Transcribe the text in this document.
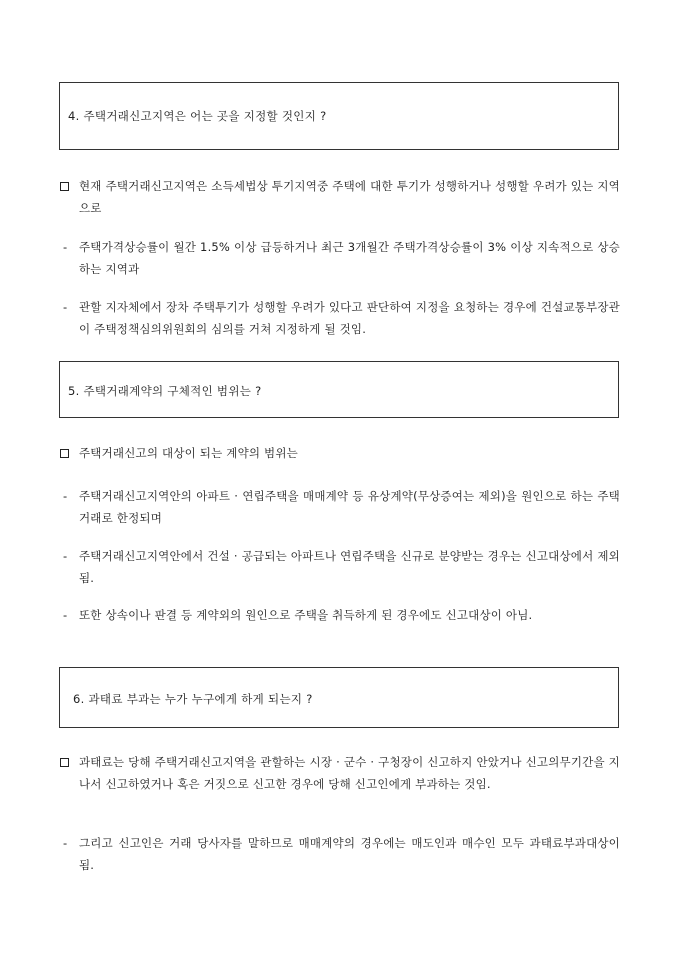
4. 주택거래신고지역은 어는 곳을 지정할 것인지 ?
현재 주택거래신고지역은 소득세법상 투기지역중 주택에 대한 투기가 성행하거나 성행할 우려가 있는 지역으로
- 주택가격상승률이 월간 1.5% 이상 급등하거나 최근 3개월간 주택가격상승률이 3% 이상 지속적으로 상승하는 지역과
- 관할 지자체에서 장차 주택투기가 성행할 우려가 있다고 판단하여 지정을 요청하는 경우에 건설교통부장관이 주택정책심의위원회의 심의를 거쳐 지정하게 될 것임.
5. 주택거래계약의 구체적인 범위는 ?
주택거래신고의 대상이 되는 계약의 범위는
- 주택거래신고지역안의 아파트 · 연립주택을 매매계약 등 유상계약(무상증여는 제외)을 원인으로 하는 주택거래로 한정되며
- 주택거래신고지역안에서 건설 · 공급되는 아파트나 연립주택을 신규로 분양받는 경우는 신고대상에서 제외됨.
- 또한 상속이나 판결 등 계약외의 원인으로 주택을 취득하게 된 경우에도 신고대상이 아님.
6. 과태료 부과는 누가 누구에게 하게 되는지 ?
과태료는 당해 주택거래신고지역을 관할하는 시장 · 군수 · 구청장이 신고하지 안았거나 신고의무기간을 지나서 신고하였거나 혹은 거짓으로 신고한 경우에 당해 신고인에게 부과하는 것임.
- 그리고 신고인은 거래 당사자를 말하므로 매매계약의 경우에는 매도인과 매수인 모두 과태료부과대상이 됨.
